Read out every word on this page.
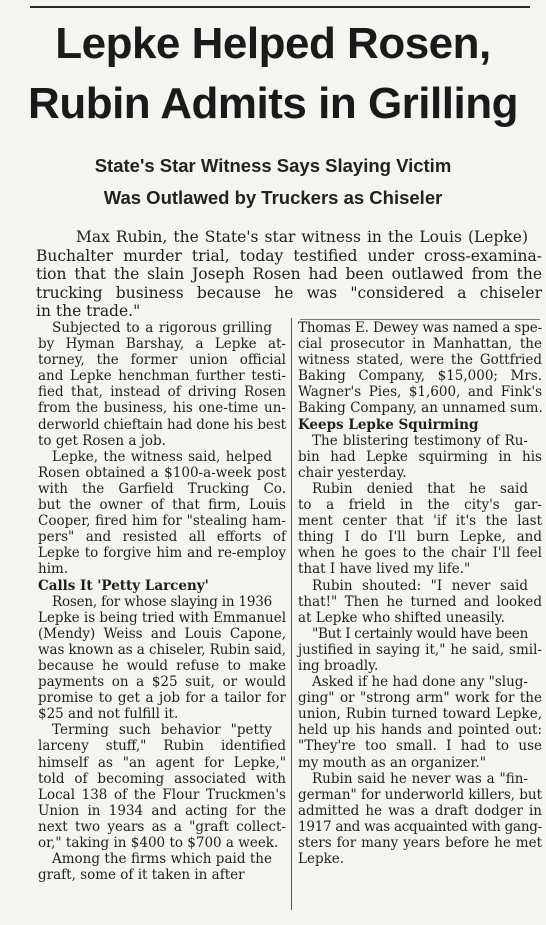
Lepke Helped Rosen,
Rubin Admits in Grilling
State's Star Witness Says Slaying Victim
Was Outlawed by Truckers as Chiseler
Max Rubin, the State's star witness in the Louis (Lepke)
Buchalter murder trial, today testified under cross-examina-
tion that the slain Joseph Rosen had been outlawed from the
trucking business because he was "considered a chiseler
in the trade."
Subjected to a rigorous grilling
by Hyman Barshay, a Lepke at-
torney, the former union official
and Lepke henchman further testi-
fied that, instead of driving Rosen
from the business, his one-time un-
derworld chieftain had done his best
to get Rosen a job.
Lepke, the witness said, helped
Rosen obtained a $100-a-week post
with the Garfield Trucking Co.
but the owner of that firm, Louis
Cooper, fired him for "stealing ham-
pers" and resisted all efforts of
Lepke to forgive him and re-employ
him.
Calls It 'Petty Larceny'
Rosen, for whose slaying in 1936
Lepke is being tried with Emmanuel
(Mendy) Weiss and Louis Capone,
was known as a chiseler, Rubin said,
because he would refuse to make
payments on a $25 suit, or would
promise to get a job for a tailor for
$25 and not fulfill it.
Terming such behavior "petty
larceny stuff," Rubin identified
himself as "an agent for Lepke,"
told of becoming associated with
Local 138 of the Flour Truckmen's
Union in 1934 and acting for the
next two years as a "graft collect-
or," taking in $400 to $700 a week.
Among the firms which paid the
graft, some of it taken in after
Thomas E. Dewey was named a spe-
cial prosecutor in Manhattan, the
witness stated, were the Gottfried
Baking Company, $15,000; Mrs.
Wagner's Pies, $1,600, and Fink's
Baking Company, an unnamed sum.
Keeps Lepke Squirming
The blistering testimony of Ru-
bin had Lepke squirming in his
chair yesterday.
Rubin denied that he said
to a frield in the city's gar-
ment center that 'if it's the last
thing I do I'll burn Lepke, and
when he goes to the chair I'll feel
that I have lived my life."
Rubin shouted: "I never said
that!" Then he turned and looked
at Lepke who shifted uneasily.
"But I certainly would have been
justified in saying it," he said, smil-
ing broadly.
Asked if he had done any "slug-
ging" or "strong arm" work for the
union, Rubin turned toward Lepke,
held up his hands and pointed out:
"They're too small. I had to use
my mouth as an organizer."
Rubin said he never was a "fin-
german" for underworld killers, but
admitted he was a draft dodger in
1917 and was acquainted with gang-
sters for many years before he met
Lepke.
